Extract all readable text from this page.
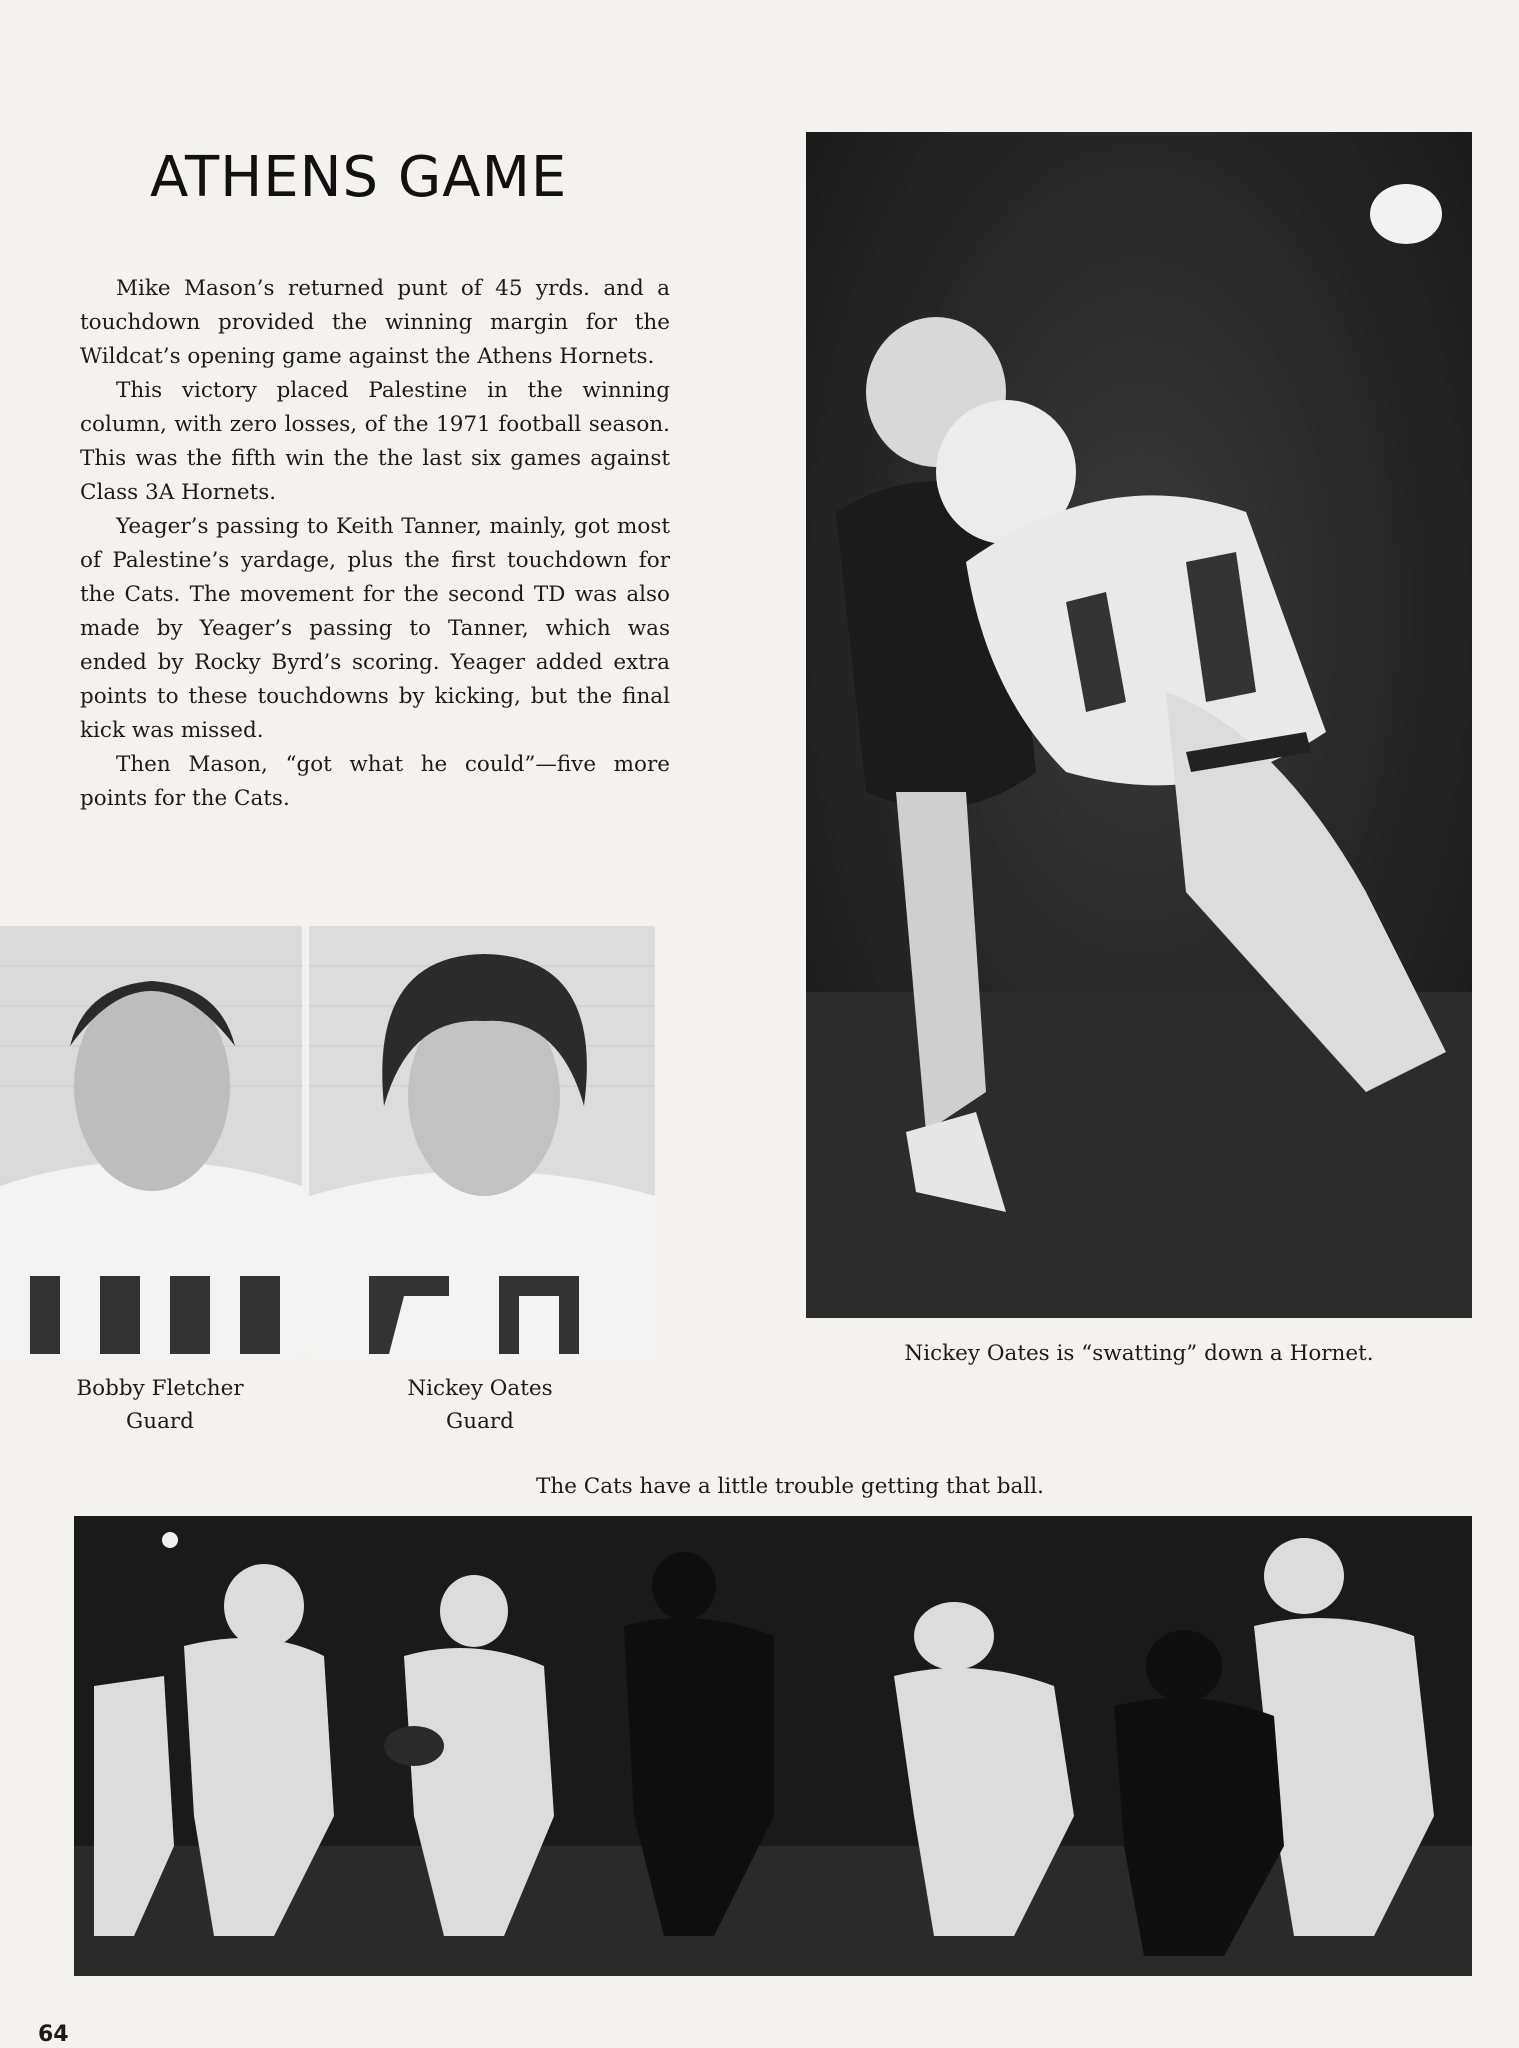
ATHENS GAME

Mike Mason’s returned punt of 45 yrds. and a touchdown provided the winning margin for the Wildcat’s opening game against the Athens Hornets.

This victory placed Palestine in the winning column, with zero losses, of the 1971 football season. This was the fifth win the the last six games against Class 3A Hornets.

Yeager’s passing to Keith Tanner, mainly, got most of Palestine’s yardage, plus the first touchdown for the Cats. The movement for the second TD was also made by Yeager’s passing to Tanner, which was ended by Rocky Byrd’s scoring. Yeager added extra points to these touchdowns by kicking, but the final kick was missed.

Then Mason, “got what he could”—five more points for the Cats.

Nickey Oates is “swatting” down a Hornet.
Bobby Fletcher
Guard
Nickey Oates
Guard
The Cats have a little trouble getting that ball.
64
